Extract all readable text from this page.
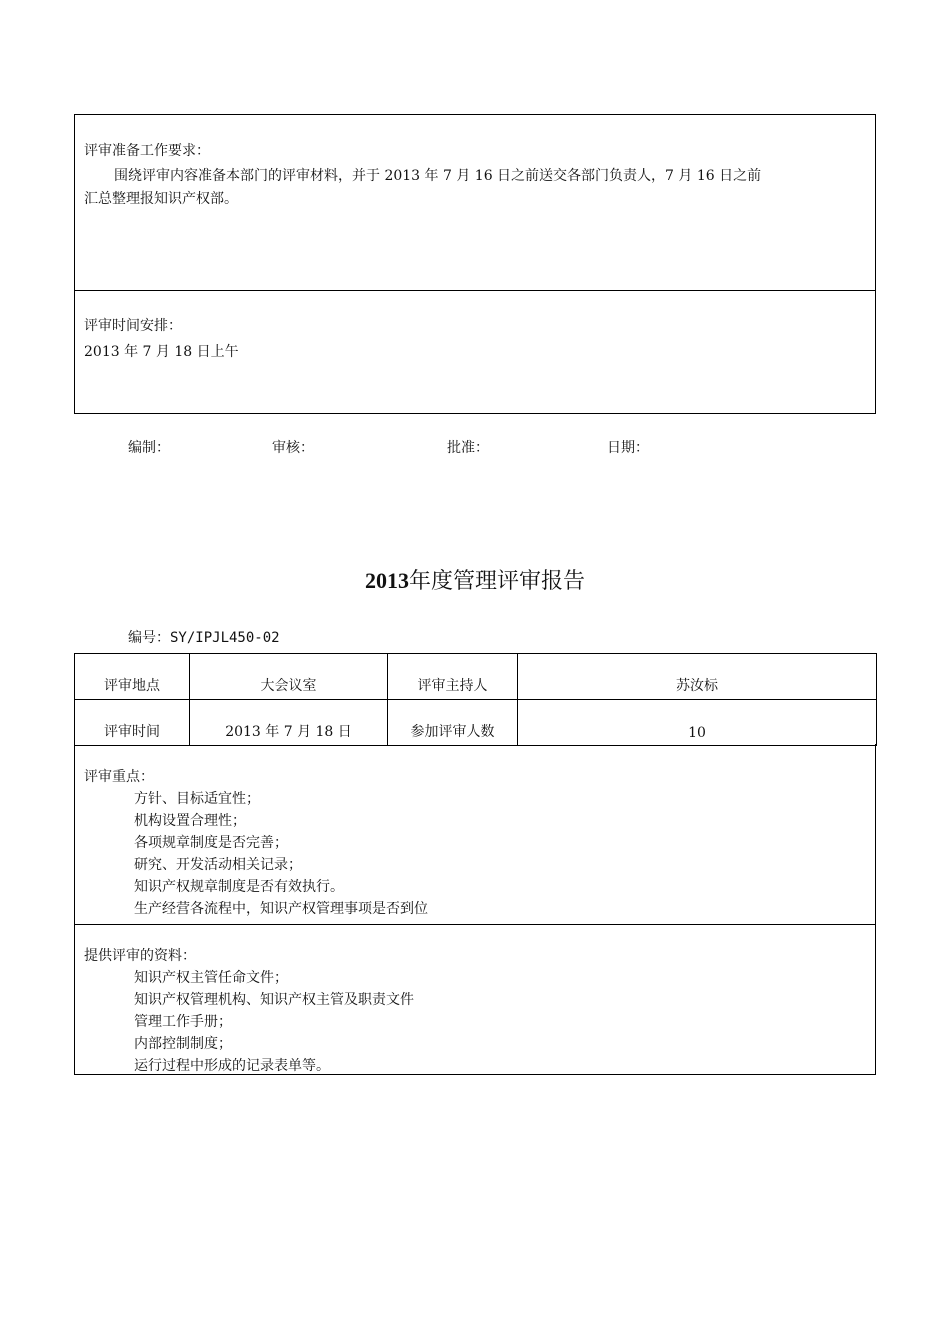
评审准备工作要求：
围绕评审内容准备本部门的评审材料，并于 2013 年 7 月 16 日之前送交各部门负责人，7 月 16 日之前
汇总整理报知识产权部。
评审时间安排：
2013 年 7 月 18 日上午
编制：	审核：	批准：	日期：
2013年度管理评审报告
编号：SY/IPJL450-02
评审地点	大会议室	评审主持人	苏汝标
评审时间	2013 年 7 月 18 日	参加评审人数	10
评审重点：
方针、目标适宜性；
机构设置合理性；
各项规章制度是否完善；
研究、开发活动相关记录；
知识产权规章制度是否有效执行。
生产经营各流程中，知识产权管理事项是否到位
提供评审的资料：
知识产权主管任命文件；
知识产权管理机构、知识产权主管及职责文件
管理工作手册；
内部控制制度；
运行过程中形成的记录表单等。
